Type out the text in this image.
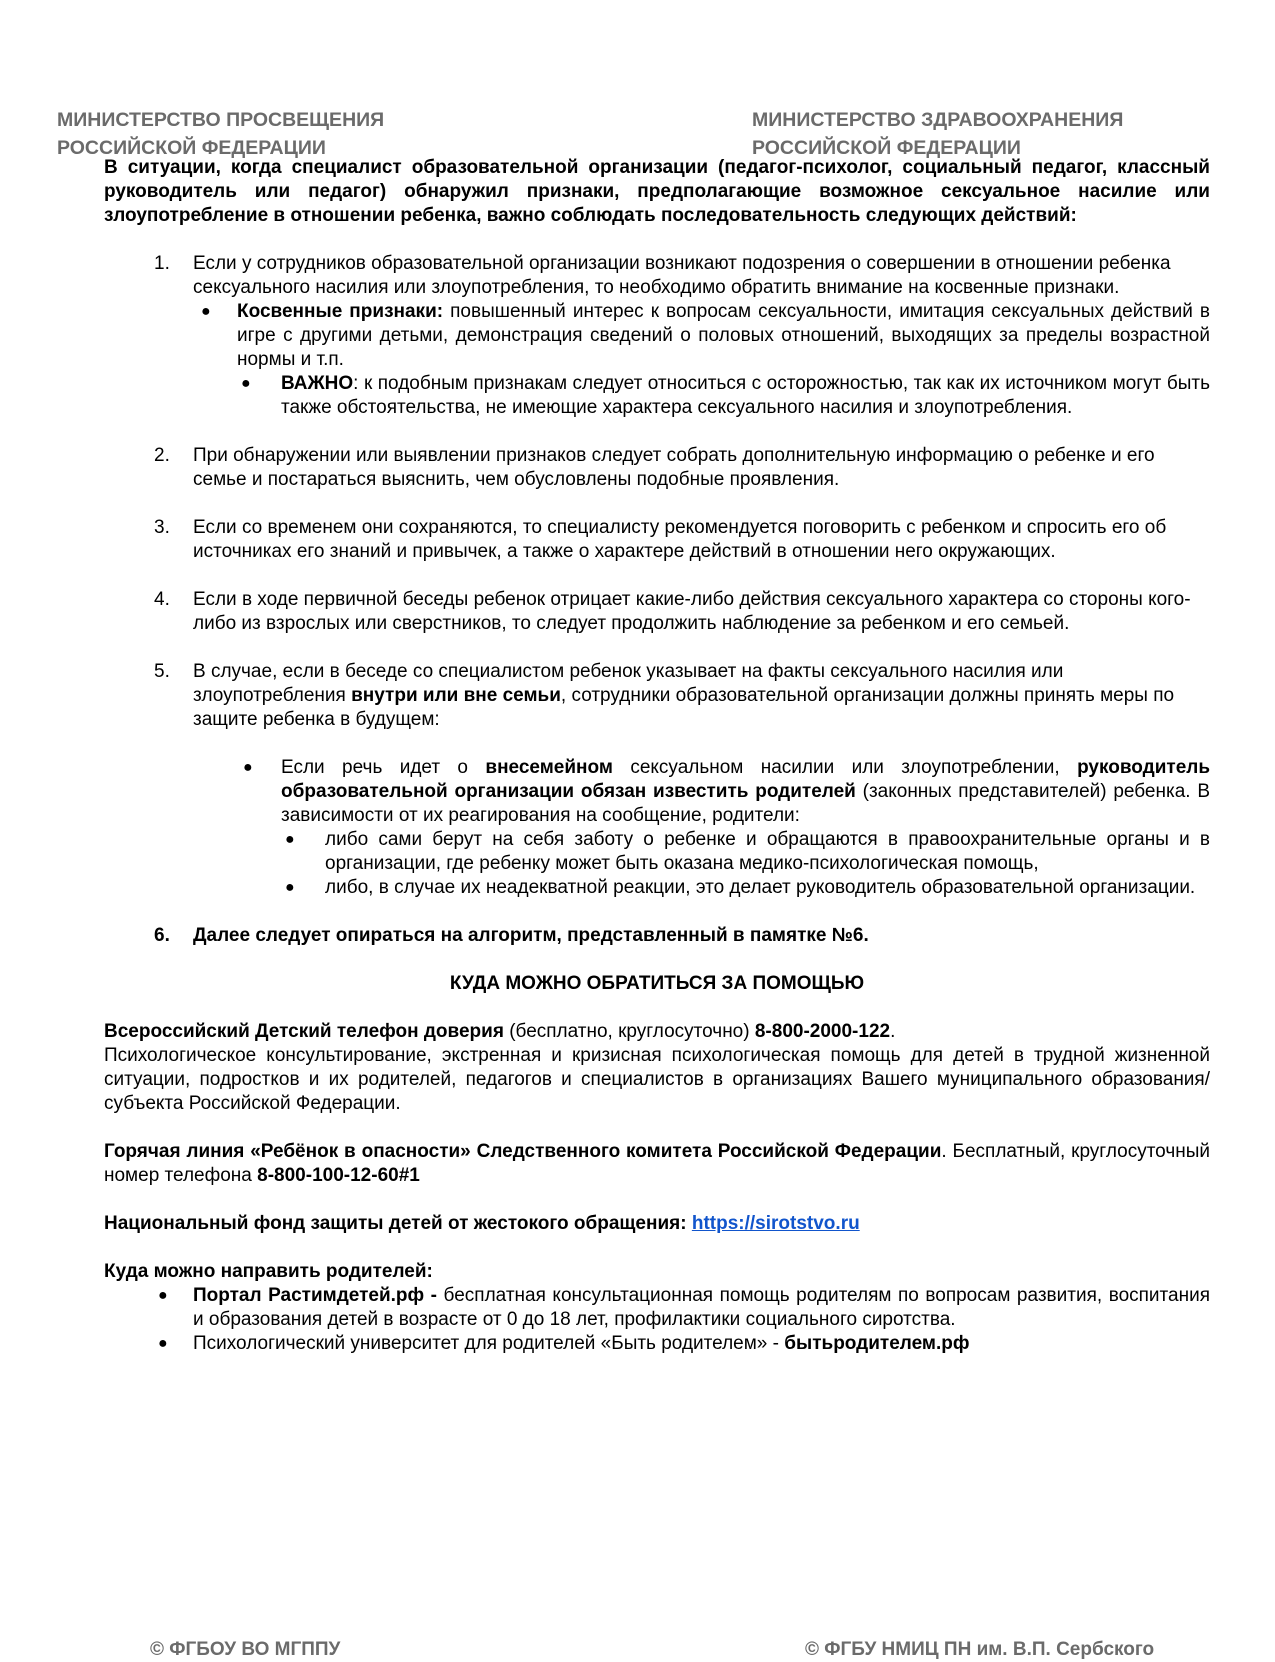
МИНИСТЕРСТВО ПРОСВЕЩЕНИЯ
РОССИЙСКОЙ ФЕДЕРАЦИИ
МИНИСТЕРСТВО ЗДРАВООХРАНЕНИЯ
РОССИЙСКОЙ ФЕДЕРАЦИИ

В ситуации, когда специалист образовательной организации (педагог-психолог, социальный педагог, классный руководитель или педагог) обнаружил признаки, предполагающие возможное сексуальное насилие или злоупотребление в отношении ребенка, важно соблюдать последовательность следующих действий:

1. Если у сотрудников образовательной организации возникают подозрения о совершении в отношении ребенка сексуального насилия или злоупотребления, то необходимо обратить внимание на косвенные признаки.
● Косвенные признаки: повышенный интерес к вопросам сексуальности, имитация сексуальных действий в игре с другими детьми, демонстрация сведений о половых отношений, выходящих за пределы возрастной нормы и т.п.
● ВАЖНО: к подобным признакам следует относиться с осторожностью, так как их источником могут быть также обстоятельства, не имеющие характера сексуального насилия и злоупотребления.
2. При обнаружении или выявлении признаков следует собрать дополнительную информацию о ребенке и его семье и постараться выяснить, чем обусловлены подобные проявления.
3. Если со временем они сохраняются, то специалисту рекомендуется поговорить с ребенком и спросить его об источниках его знаний и привычек, а также о характере действий в отношении него окружающих.
4. Если в ходе первичной беседы ребенок отрицает какие-либо действия сексуального характера со стороны кого-либо из взрослых или сверстников, то следует продолжить наблюдение за ребенком и его семьей.
5. В случае, если в беседе со специалистом ребенок указывает на факты сексуального насилия или злоупотребления внутри или вне семьи, сотрудники образовательной организации должны принять меры по защите ребенка в будущем:
● Если речь идет о внесемейном сексуальном насилии или злоупотреблении, руководитель образовательной организации обязан известить родителей (законных представителей) ребенка. В зависимости от их реагирования на сообщение, родители:
● либо сами берут на себя заботу о ребенке и обращаются в правоохранительные органы и в организации, где ребенку может быть оказана медико-психологическая помощь,
● либо, в случае их неадекватной реакции, это делает руководитель образовательной организации.
6. Далее следует опираться на алгоритм, представленный в памятке №6.
КУДА МОЖНО ОБРАТИТЬСЯ ЗА ПОМОЩЬЮ
Всероссийский Детский телефон доверия (бесплатно, круглосуточно) 8-800-2000-122.
Психологическое консультирование, экстренная и кризисная психологическая помощь для детей в трудной жизненной ситуации, подростков и их родителей, педагогов и специалистов в организациях Вашего муниципального образования/субъекта Российской Федерации.
Горячая линия «Ребёнок в опасности» Следственного комитета Российской Федерации. Бесплатный, круглосуточный номер телефона 8-800-100-12-60#1
Национальный фонд защиты детей от жестокого обращения: https://sirotstvo.ru
Куда можно направить родителей:
● Портал Растимдетей.рф - бесплатная консультационная помощь родителям по вопросам развития, воспитания и образования детей в возрасте от 0 до 18 лет, профилактики социального сиротства.
● Психологический университет для родителей «Быть родителем» - бытьродителем.рф
© ФГБОУ ВО МГППУ	© ФГБУ НМИЦ ПН им. В.П. Сербского
